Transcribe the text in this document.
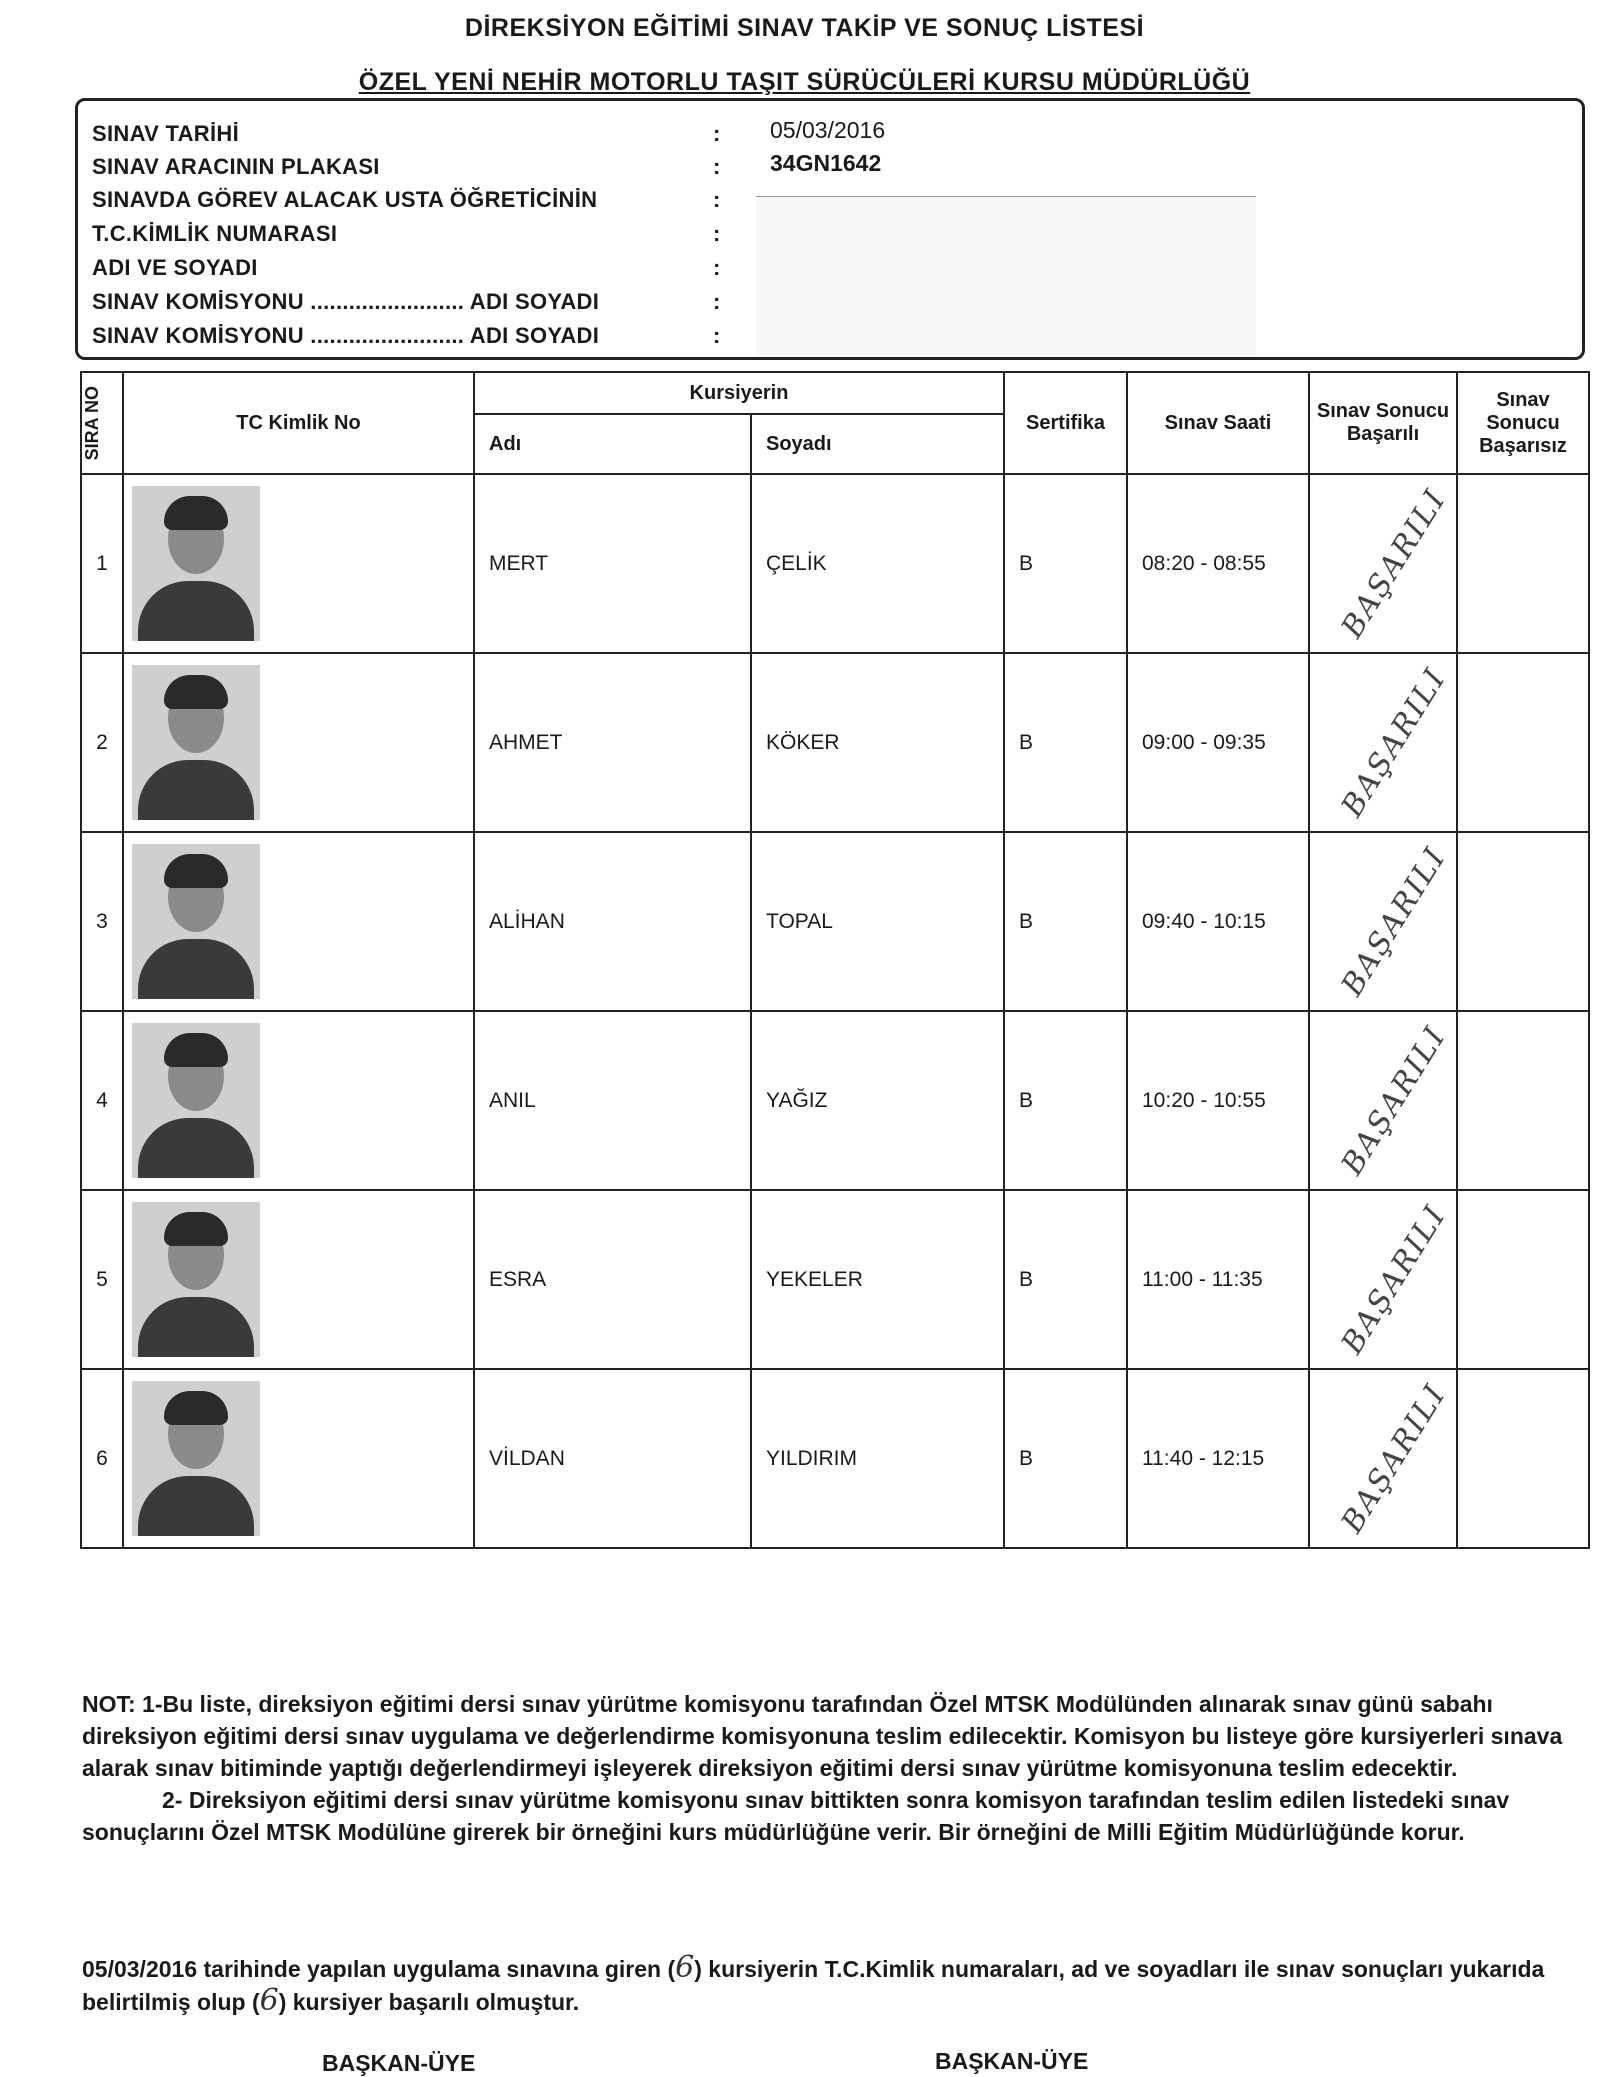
DİREKSİYON EĞİTİMİ SINAV TAKİP VE SONUÇ LİSTESİ
ÖZEL YENİ NEHİR MOTORLU TAŞIT SÜRÜCÜLERİ KURSU MÜDÜRLÜĞÜ
SINAV TARİHİ	: 05/03/2016
SINAV ARACININ PLAKASI	: 34GN1642
SINAVDA GÖREV ALACAK USTA ÖĞRETİCİNİN	:
T.C.KİMLİK NUMARASI	:
ADI VE SOYADI	:
SINAV KOMİSYONU ........................ ADI SOYADI	:
SINAV KOMİSYONU ........................ ADI SOYADI	:
SIRA NO	TC Kimlik No	Kursiyerin		Sertifika	Sınav Saati	Sınav Sonucu Başarılı	Sınav Sonucu Başarısız
		Adı	Soyadı				
1		MERT	ÇELİK	B	08:20 - 08:55	BAŞARILI	
2		AHMET	KÖKER	B	09:00 - 09:35	BAŞARILI	
3		ALİHAN	TOPAL	B	09:40 - 10:15	BAŞARILI	
4		ANIL	YAĞIZ	B	10:20 - 10:55	BAŞARILI	
5		ESRA	YEKELER	B	11:00 - 11:35	BAŞARILI	
6		VİLDAN	YILDIRIM	B	11:40 - 12:15	BAŞARILI	

NOT: 1-Bu liste, direksiyon eğitimi dersi sınav yürütme komisyonu tarafından Özel MTSK Modülünden alınarak sınav günü sabahı direksiyon eğitimi dersi sınav uygulama ve değerlendirme komisyonuna teslim edilecektir. Komisyon bu listeye göre kursiyerleri sınava alarak sınav bitiminde yaptığı değerlendirmeyi işleyerek direksiyon eğitimi dersi sınav yürütme komisyonuna teslim edecektir.

2- Direksiyon eğitimi dersi sınav yürütme komisyonu sınav bittikten sonra komisyon tarafından teslim edilen listedeki sınav sonuçlarını Özel MTSK Modülüne girerek bir örneğini kurs müdürlüğüne verir. Bir örneğini de Milli Eğitim Müdürlüğünde korur.

05/03/2016 tarihinde yapılan uygulama sınavına giren (6) kursiyerin T.C.Kimlik numaraları, ad ve soyadları ile sınav sonuçları yukarıda belirtilmiş olup (6) kursiyer başarılı olmuştur.
BAŞKAN-ÜYE	BAŞKAN-ÜYE
